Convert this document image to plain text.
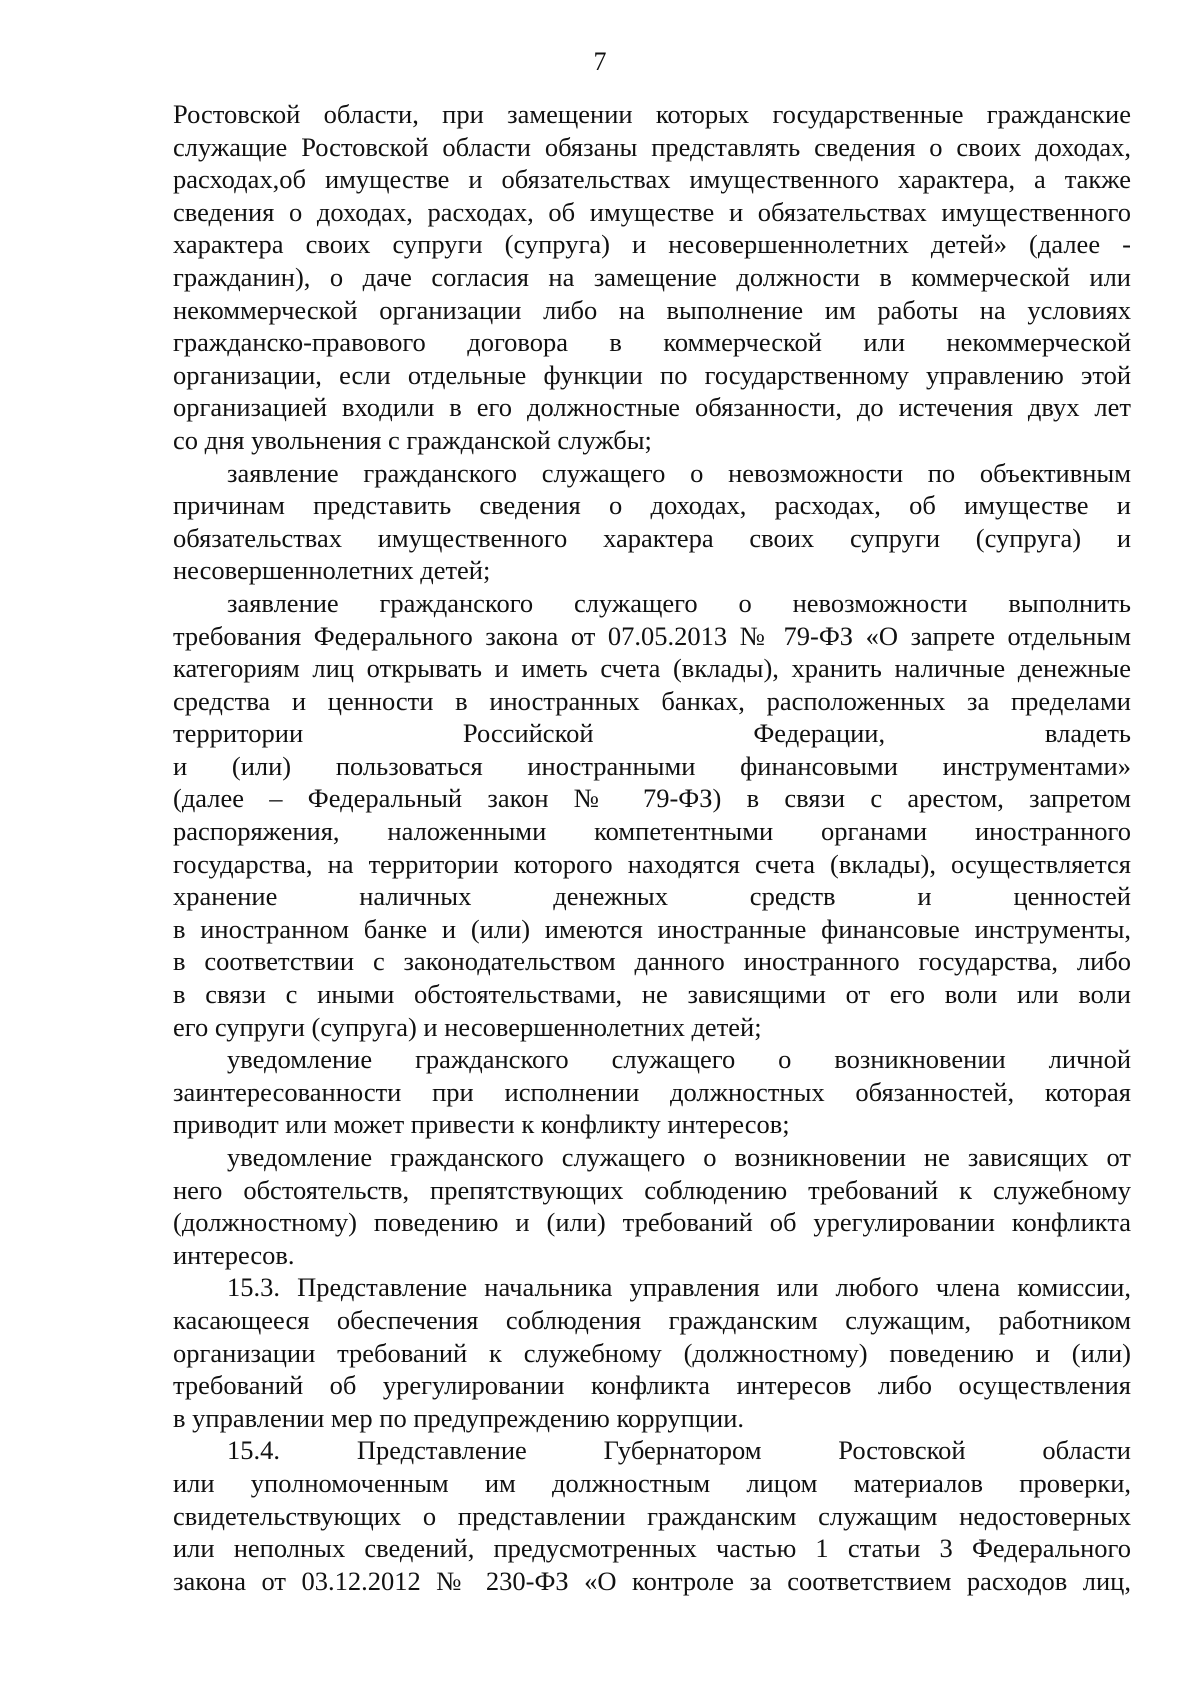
7
Ростовской области, при замещении которых государственные гражданские
служащие Ростовской области обязаны представлять сведения о своих доходах,
расходах,об имуществе и обязательствах имущественного характера, а также
сведения о доходах, расходах, об имуществе и обязательствах имущественного
характера своих супруги (супруга) и несовершеннолетних детей» (далее -
гражданин), о даче согласия на замещение должности в коммерческой или
некоммерческой организации либо на выполнение им работы на условиях
гражданско-правового договора в коммерческой или некоммерческой
организации, если отдельные функции по государственному управлению этой
организацией входили в его должностные обязанности, до истечения двух лет
со дня увольнения с гражданской службы;
заявление гражданского служащего о невозможности по объективным
причинам представить сведения о доходах, расходах, об имуществе и
обязательствах имущественного характера своих супруги (супруга) и
несовершеннолетних детей;
заявление гражданского служащего о невозможности выполнить
требования Федерального закона от 07.05.2013 № 79-ФЗ «О запрете отдельным
категориям лиц открывать и иметь счета (вклады), хранить наличные денежные
средства и ценности в иностранных банках, расположенных за пределами
территории Российской Федерации, владеть
и (или) пользоваться иностранными финансовыми инструментами»
(далее – Федеральный закон № 79-ФЗ) в связи с арестом, запретом
распоряжения, наложенными компетентными органами иностранного
государства, на территории которого находятся счета (вклады), осуществляется
хранение наличных денежных средств и ценностей
в иностранном банке и (или) имеются иностранные финансовые инструменты,
в соответствии с законодательством данного иностранного государства, либо
в связи с иными обстоятельствами, не зависящими от его воли или воли
его супруги (супруга) и несовершеннолетних детей;
уведомление гражданского служащего о возникновении личной
заинтересованности при исполнении должностных обязанностей, которая
приводит или может привести к конфликту интересов;
уведомление гражданского служащего о возникновении не зависящих от
него обстоятельств, препятствующих соблюдению требований к служебному
(должностному) поведению и (или) требований об урегулировании конфликта
интересов.
15.3. Представление начальника управления или любого члена комиссии,
касающееся обеспечения соблюдения гражданским служащим, работником
организации требований к служебному (должностному) поведению и (или)
требований об урегулировании конфликта интересов либо осуществления
в управлении мер по предупреждению коррупции.
15.4. Представление Губернатором Ростовской области
или уполномоченным им должностным лицом материалов проверки,
свидетельствующих о представлении гражданским служащим недостоверных
или неполных сведений, предусмотренных частью 1 статьи 3 Федерального
закона от 03.12.2012 № 230-ФЗ «О контроле за соответствием расходов лиц,
